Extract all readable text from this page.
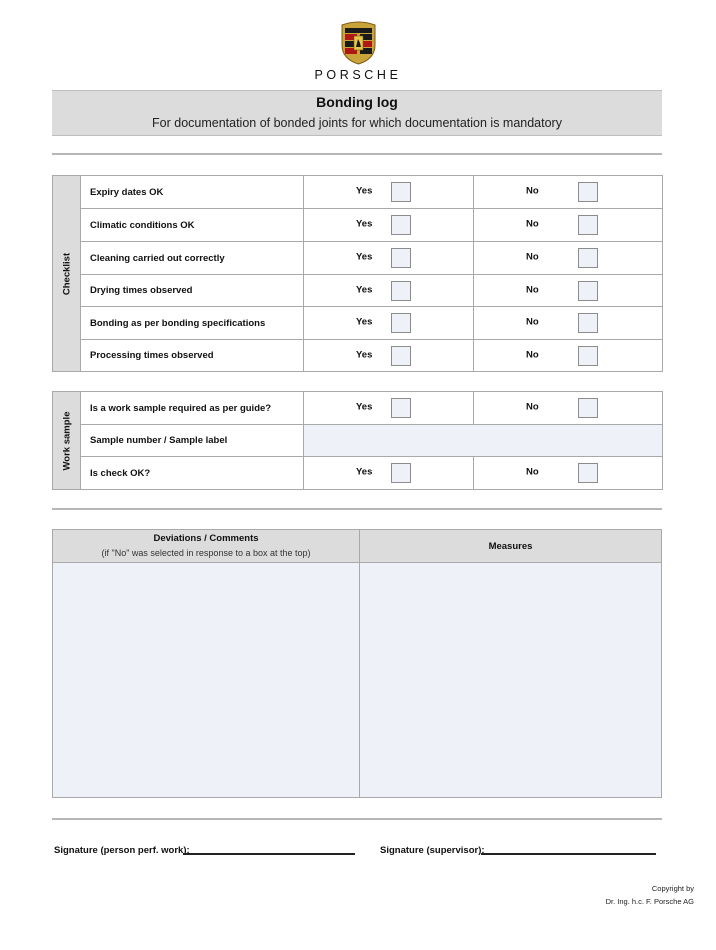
PORSCHE
Bonding log
For documentation of bonded joints for which documentation is mandatory
Checklist	Expiry dates OK	Yes	No

	Climatic conditions OK	Yes	No

	Cleaning carried out correctly	Yes	No

	Drying times observed	Yes	No

	Bonding as per bonding specifications	Yes	No

	Processing times observed	Yes	No
Work sample	Is a work sample required as per guide?	Yes	No

	Sample number / Sample label		
	Is check OK?	Yes	No
Deviations / Comments
(if "No" was selected in response to a box at the top)
Measures
Signature (person perf. work):	Signature (supervisor):
Copyright by
Dr. Ing. h.c. F. Porsche AG
